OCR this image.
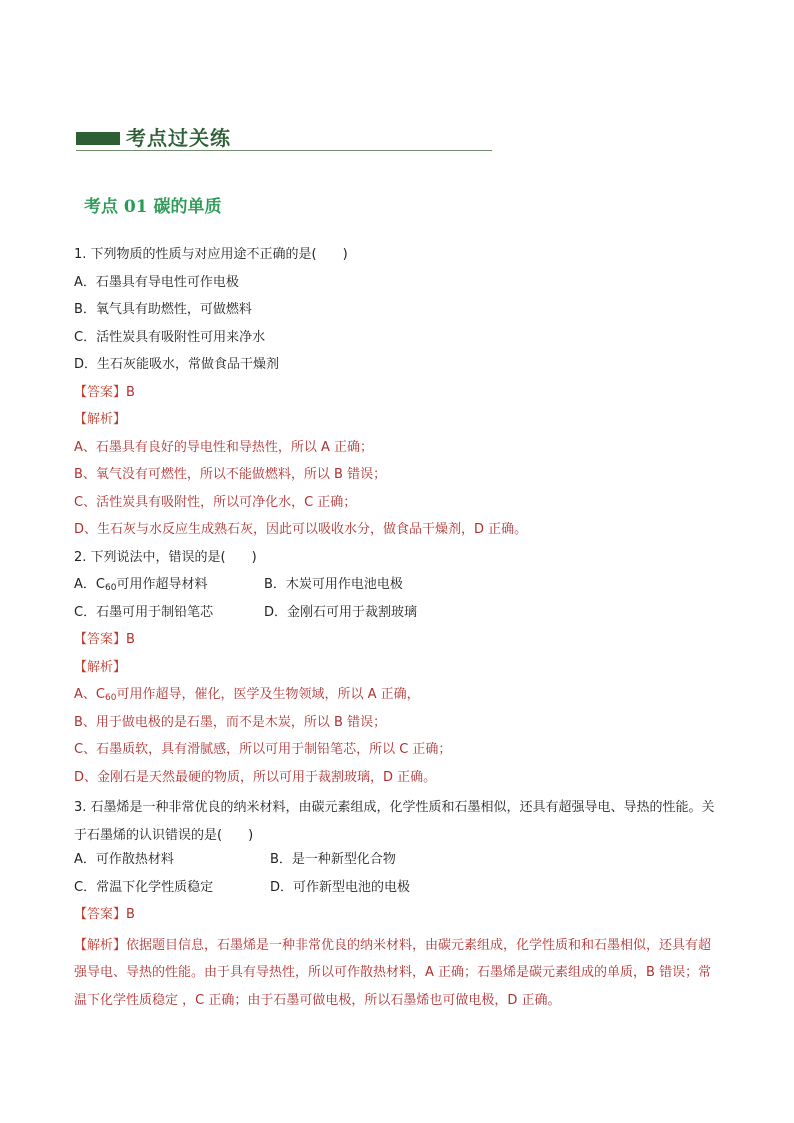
考点过关练
考点 01 碳的单质
1. 下列物质的性质与对应用途不正确的是(　　)
A．石墨具有导电性可作电极
B．氧气具有助燃性，可做燃料
C．活性炭具有吸附性可用来净水
D．生石灰能吸水，常做食品干燥剂
【答案】B
【解析】
A、石墨具有良好的导电性和导热性，所以 A 正确；
B、氧气没有可燃性，所以不能做燃料，所以 B 错误；
C、活性炭具有吸附性，所以可净化水，C 正确；
D、生石灰与水反应生成熟石灰，因此可以吸收水分，做食品干燥剂，D 正确。
2. 下列说法中，错误的是(　　)
A．$C_{60}$可用作超导材料	B．木炭可用作电池电极
C．石墨可用于制铅笔芯	D．金刚石可用于裁割玻璃
【答案】B
【解析】
A、$C_{60}$可用作超导，催化，医学及生物领域，所以 A 正确，
B、用于做电极的是石墨，而不是木炭，所以 B 错误；
C、石墨质软，具有滑腻感，所以可用于制铅笔芯，所以 C 正确；
D、金刚石是天然最硬的物质，所以可用于裁割玻璃，D 正确。
3. 石墨烯是一种非常优良的纳米材料，由碳元素组成，化学性质和石墨相似，还具有超强导电、导热的性能。关于石墨烯的认识错误的是(　　)
A．可作散热材料	B．是一种新型化合物
C．常温下化学性质稳定	D．可作新型电池的电极
【答案】B
【解析】依据题目信息，石墨烯是一种非常优良的纳米材料，由碳元素组成，化学性质和和石墨相似，还具有超强导电、导热的性能。由于具有导热性，所以可作散热材料，A 正确；石墨烯是碳元素组成的单质，B 错误；常温下化学性质稳定 ，C 正确；由于石墨可做电极，所以石墨烯也可做电极，D 正确。
